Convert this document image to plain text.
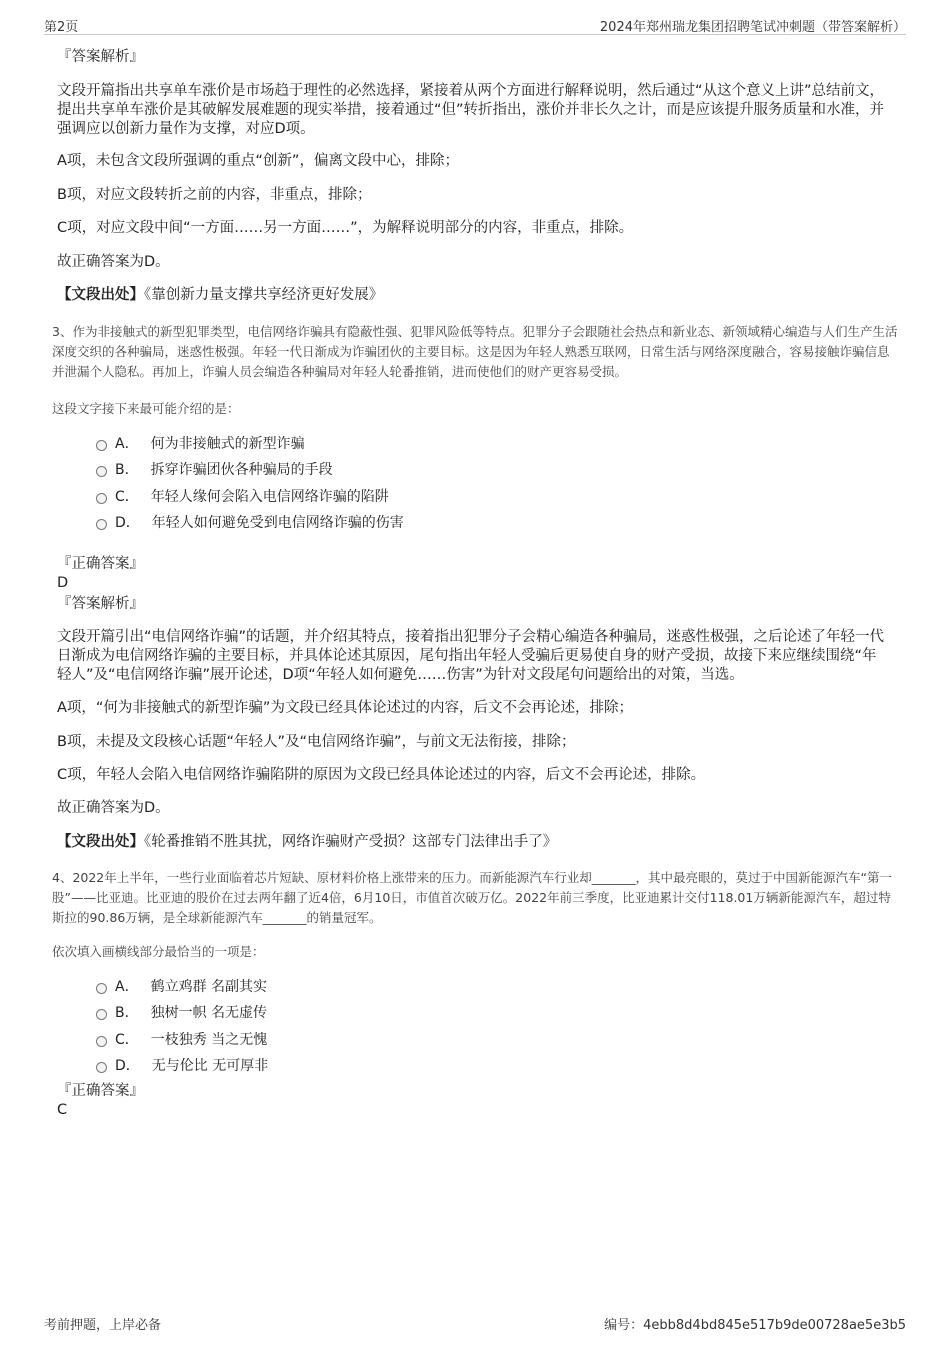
第2页	2024年郑州瑞龙集团招聘笔试冲刺题（带答案解析）
『答案解析』
文段开篇指出共享单车涨价是市场趋于理性的必然选择，紧接着从两个方面进行解释说明，然后通过“从这个意义上讲”总结前文，提出共享单车涨价是其破解发展难题的现实举措，接着通过“但”转折指出，涨价并非长久之计，而是应该提升服务质量和水准，并强调应以创新力量作为支撑，对应D项。
A项，未包含文段所强调的重点“创新”，偏离文段中心，排除；
B项，对应文段转折之前的内容，非重点，排除；
C项，对应文段中间“一方面……另一方面……”，为解释说明部分的内容，非重点，排除。
故正确答案为D。
【文段出处】《靠创新力量支撑共享经济更好发展》
3、作为非接触式的新型犯罪类型，电信网络诈骗具有隐蔽性强、犯罪风险低等特点。犯罪分子会跟随社会热点和新业态、新领域精心编造与人们生产生活深度交织的各种骗局，迷惑性极强。年轻一代日渐成为诈骗团伙的主要目标。这是因为年轻人熟悉互联网，日常生活与网络深度融合，容易接触诈骗信息并泄漏个人隐私。再加上，诈骗人员会编造各种骗局对年轻人轮番推销，进而使他们的财产更容易受损。
这段文字接下来最可能介绍的是：
A． 何为非接触式的新型诈骗
B． 拆穿诈骗团伙各种骗局的手段
C． 年轻人缘何会陷入电信网络诈骗的陷阱
D． 年轻人如何避免受到电信网络诈骗的伤害
『正确答案』
D
『答案解析』
文段开篇引出“电信网络诈骗”的话题，并介绍其特点，接着指出犯罪分子会精心编造各种骗局，迷惑性极强，之后论述了年轻一代日渐成为电信网络诈骗的主要目标，并具体论述其原因，尾句指出年轻人受骗后更易使自身的财产受损，故接下来应继续围绕“年轻人”及“电信网络诈骗”展开论述，D项“年轻人如何避免……伤害”为针对文段尾句问题给出的对策，当选。
A项，“何为非接触式的新型诈骗”为文段已经具体论述过的内容，后文不会再论述，排除；
B项，未提及文段核心话题“年轻人”及“电信网络诈骗”，与前文无法衔接，排除；
C项，年轻人会陷入电信网络诈骗陷阱的原因为文段已经具体论述过的内容，后文不会再论述，排除。
故正确答案为D。
【文段出处】《轮番推销不胜其扰，网络诈骗财产受损？这部专门法律出手了》
4、2022年上半年，一些行业面临着芯片短缺、原材料价格上涨带来的压力。而新能源汽车行业却_______，其中最亮眼的，莫过于中国新能源汽车“第一股”——比亚迪。比亚迪的股价在过去两年翻了近4倍，6月10日，市值首次破万亿。2022年前三季度，比亚迪累计交付118.01万辆新能源汽车，超过特斯拉的90.86万辆，是全球新能源汽车_______的销量冠军。
依次填入画横线部分最恰当的一项是：
A． 鹤立鸡群 名副其实
B． 独树一帜 名无虚传
C． 一枝独秀 当之无愧
D． 无与伦比 无可厚非
『正确答案』
C
考前押题，上岸必备	编号：4ebb8d4bd845e517b9de00728ae5e3b5
